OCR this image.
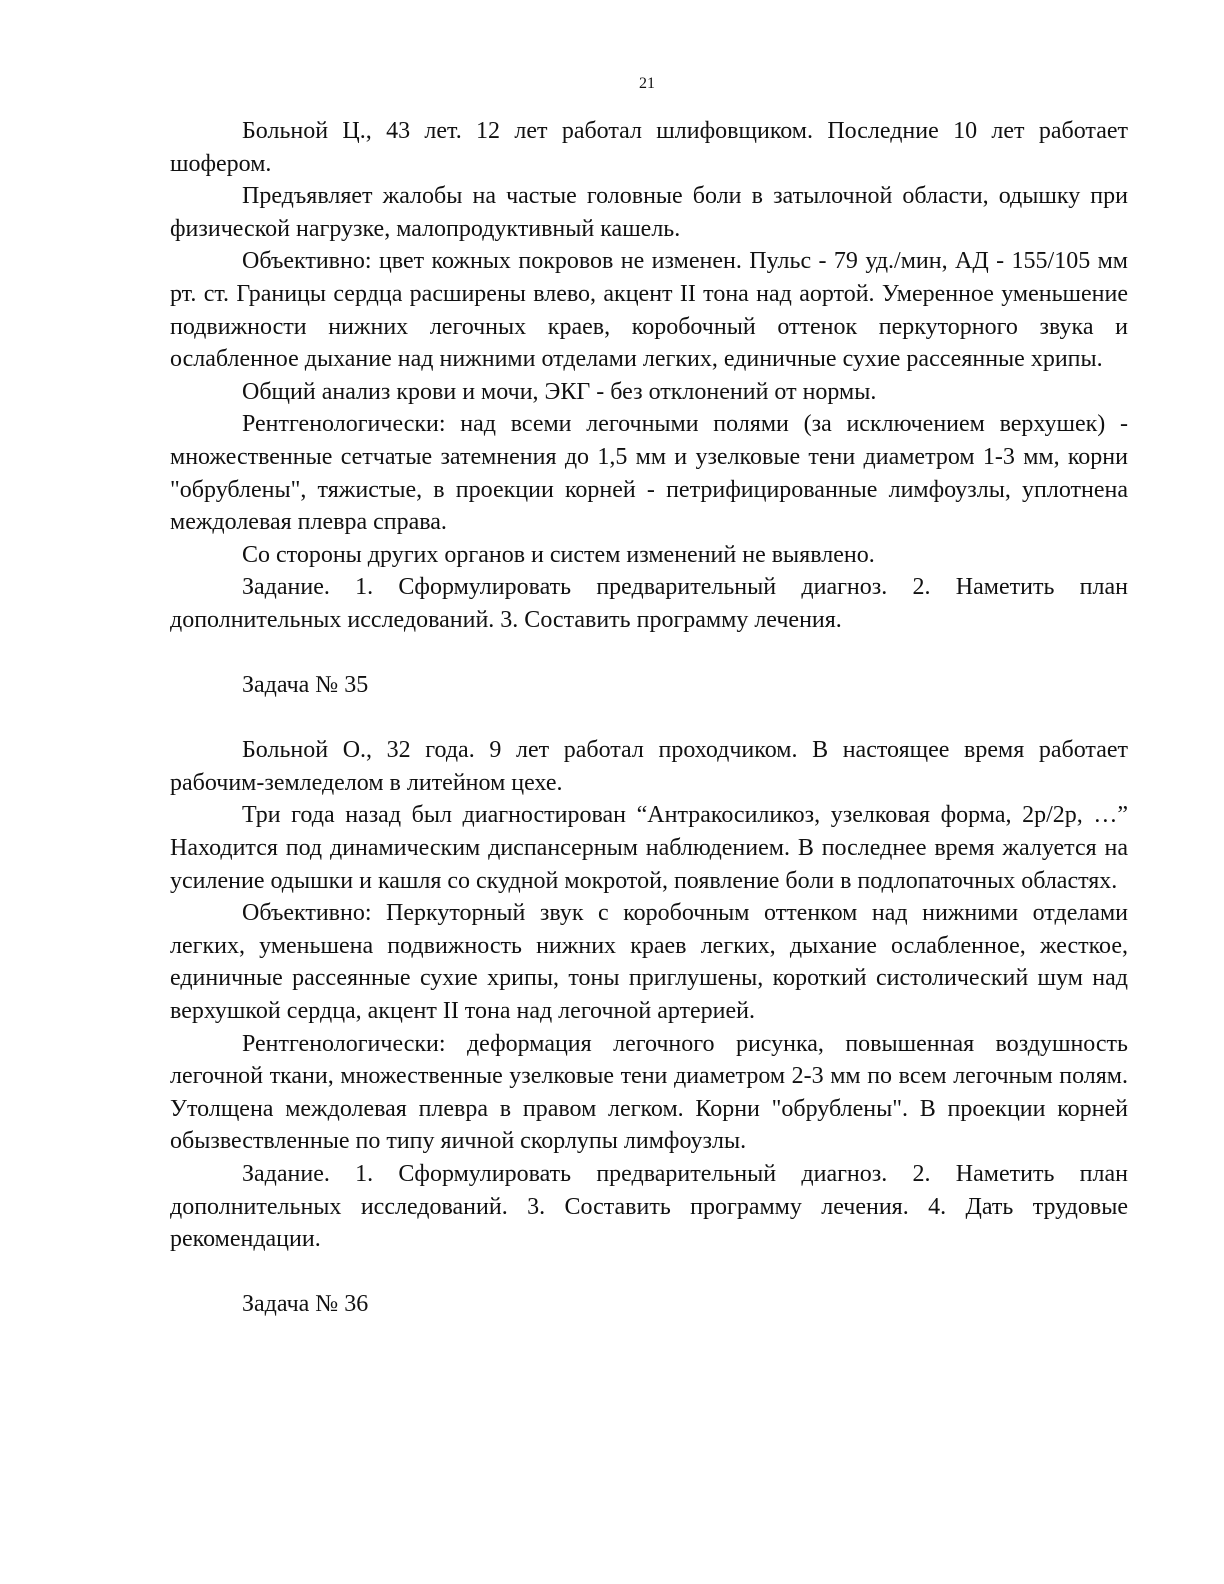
21

Больной Ц., 43 лет. 12 лет работал шлифовщиком. Последние 10 лет работает шофером.

Предъявляет жалобы на частые головные боли в затылочной области, одышку при физической нагрузке, малопродуктивный кашель.

Объективно: цвет кожных покровов не изменен. Пульс - 79 уд./мин, АД - 155/105 мм рт. ст. Границы сердца расширены влево, акцент II тона над аортой. Умеренное уменьшение подвижности нижних легочных краев, коробочный оттенок перкуторного звука и ослабленное дыхание над нижними отделами легких, единичные сухие рассеянные хрипы.

Общий анализ крови и мочи, ЭКГ - без отклонений от нормы.

Рентгенологически: над всеми легочными полями (за исключением верхушек) - множественные сетчатые затемнения до 1,5 мм и узелковые тени диаметром 1-3 мм, корни "обрублены", тяжистые, в проекции корней - петрифицированные лимфоузлы, уплотнена междолевая плевра справа.

Со стороны других органов и систем изменений не выявлено.

Задание. 1. Сформулировать предварительный диагноз. 2. Наметить план дополнительных исследований. 3. Составить программу лечения.

Задача № 35

Больной О., 32 года. 9 лет работал проходчиком. В настоящее время работает рабочим-земледелом в литейном цехе.

Три года назад был диагностирован “Антракосиликоз, узелковая форма, 2р/2р, …” Находится под динамическим диспансерным наблюдением. В последнее время жалуется на усиление одышки и кашля со скудной мокротой, появление боли в подлопаточных областях.

Объективно: Перкуторный звук с коробочным оттенком над нижними отделами легких, уменьшена подвижность нижних краев легких, дыхание ослабленное, жесткое, единичные рассеянные сухие хрипы, тоны приглушены, короткий систолический шум над верхушкой сердца, акцент II тона над легочной артерией.

Рентгенологически: деформация легочного рисунка, повышенная воздушность легочной ткани, множественные узелковые тени диаметром 2-3 мм по всем легочным полям. Утолщена междолевая плевра в правом легком. Корни "обрублены". В проекции корней обызвествленные по типу яичной скорлупы лимфоузлы.

Задание. 1. Сформулировать предварительный диагноз. 2. Наметить план дополнительных исследований. 3. Составить программу лечения. 4. Дать трудовые рекомендации.

Задача № 36
